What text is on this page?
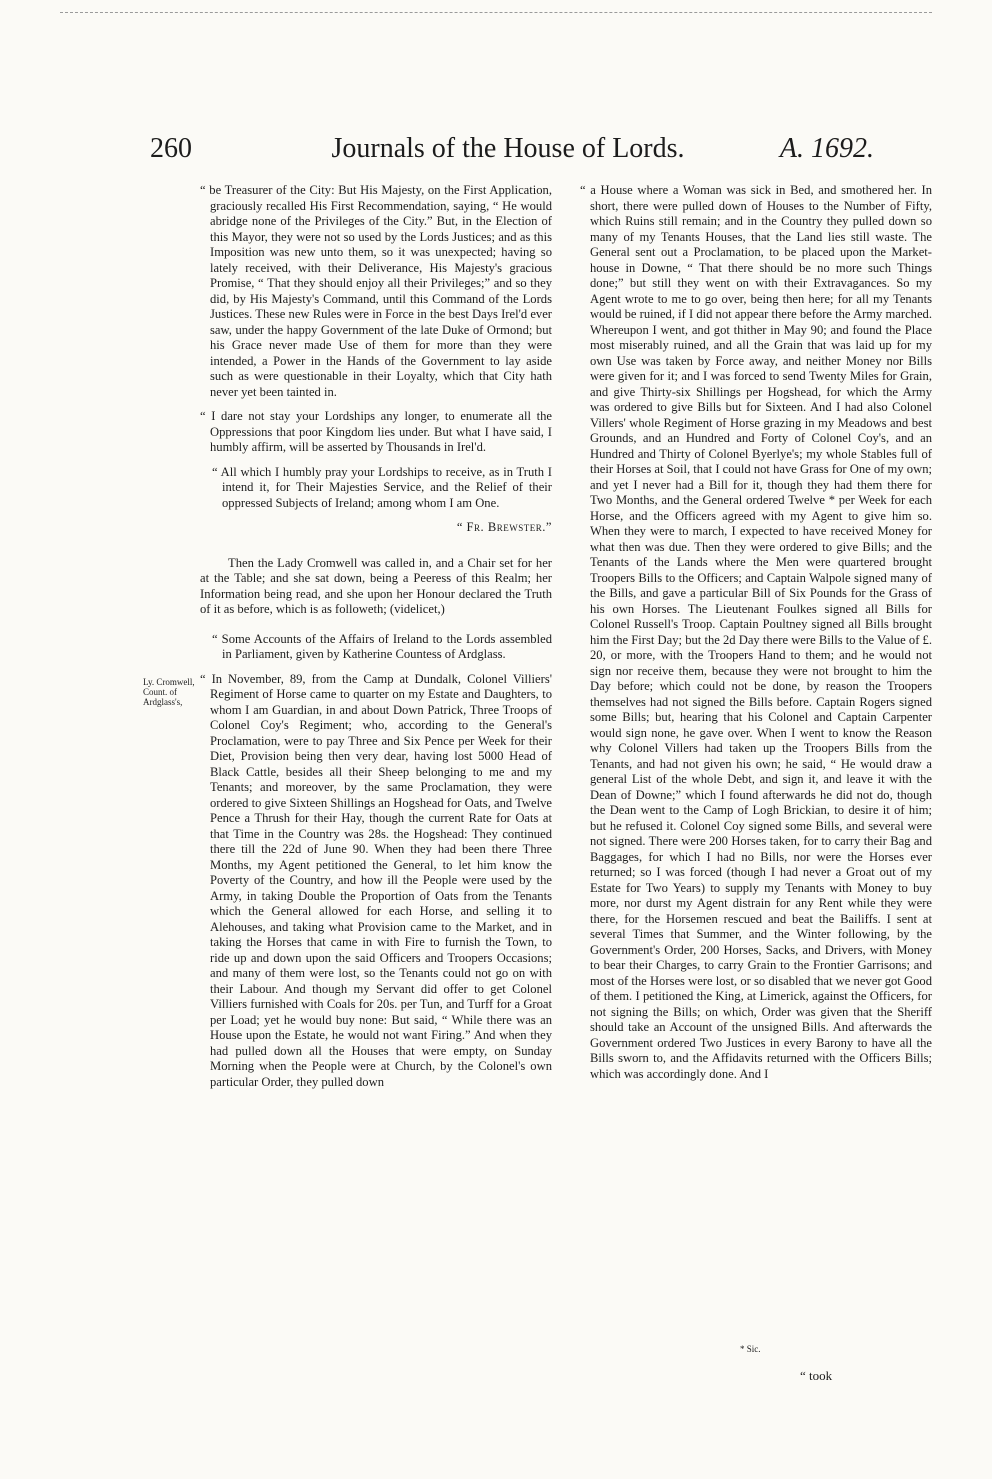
260	Journals of the House of Lords.	A. 1692.

“ be Treasurer of the City: But His Majesty, on the First Application, graciously recalled His First Recommendation, saying, “ He would abridge none of the Privileges of the City.” But, in the Election of this Mayor, they were not so used by the Lords Justices; and as this Imposition was new unto them, so it was unexpected; having so lately received, with their Deliverance, His Majesty's gracious Promise, “ That they should enjoy all their Privileges;” and so they did, by His Majesty's Command, until this Command of the Lords Justices. These new Rules were in Force in the best Days Irel'd ever saw, under the happy Government of the late Duke of Ormond; but his Grace never made Use of them for more than they were intended, a Power in the Hands of the Government to lay aside such as were questionable in their Loyalty, which that City hath never yet been tainted in.

“ I dare not stay your Lordships any longer, to enumerate all the Oppressions that poor Kingdom lies under. But what I have said, I humbly affirm, will be asserted by Thousands in Irel'd.

“ All which I humbly pray your Lordships to receive, as in Truth I intend it, for Their Majesties Service, and the Relief of their oppressed Subjects of Ireland; among whom I am One.

“ Fr. Brewster.”

Then the Lady Cromwell was called in, and a Chair set for her at the Table; and she sat down, being a Peeress of this Realm; her Information being read, and she upon her Honour declared the Truth of it as before, which is as followeth; (videlicet,)

“ Some Accounts of the Affairs of Ireland to the Lords assembled in Parliament, given by Katherine Countess of Ardglass.

“ In November, 89, from the Camp at Dundalk, Colonel Villiers' Regiment of Horse came to quarter on my Estate and Daughters, to whom I am Guardian, in and about Down Patrick, Three Troops of Colonel Coy's Regiment; who, according to the General's Proclamation, were to pay Three and Six Pence per Week for their Diet, Provision being then very dear, having lost 5000 Head of Black Cattle, besides all their Sheep belonging to me and my Tenants; and moreover, by the same Proclamation, they were ordered to give Sixteen Shillings an Hogshead for Oats, and Twelve Pence a Thrush for their Hay, though the current Rate for Oats at that Time in the Country was 28s. the Hogshead: They continued there till the 22d of June 90. When they had been there Three Months, my Agent petitioned the General, to let him know the Poverty of the Country, and how ill the People were used by the Army, in taking Double the Proportion of Oats from the Tenants which the General allowed for each Horse, and selling it to Alehouses, and taking what Provision came to the Market, and in taking the Horses that came in with Fire to furnish the Town, to ride up and down upon the said Officers and Troopers Occasions; and many of them were lost, so the Tenants could not go on with their Labour. And though my Servant did offer to get Colonel Villiers furnished with Coals for 20s. per Tun, and Turff for a Groat per Load; yet he would buy none: But said, “ While there was an House upon the Estate, he would not want Firing.” And when they had pulled down all the Houses that were empty, on Sunday Morning when the People were at Church, by the Colonel's own particular Order, they pulled down

“ a House where a Woman was sick in Bed, and smothered her. In short, there were pulled down of Houses to the Number of Fifty, which Ruins still remain; and in the Country they pulled down so many of my Tenants Houses, that the Land lies still waste. The General sent out a Proclamation, to be placed upon the Market-house in Downe, “ That there should be no more such Things done;” but still they went on with their Extravagances. So my Agent wrote to me to go over, being then here; for all my Tenants would be ruined, if I did not appear there before the Army marched. Whereupon I went, and got thither in May 90; and found the Place most miserably ruined, and all the Grain that was laid up for my own Use was taken by Force away, and neither Money nor Bills were given for it; and I was forced to send Twenty Miles for Grain, and give Thirty-six Shillings per Hogshead, for which the Army was ordered to give Bills but for Sixteen. And I had also Colonel Villers' whole Regiment of Horse grazing in my Meadows and best Grounds, and an Hundred and Forty of Colonel Coy's, and an Hundred and Thirty of Colonel Byerlye's; my whole Stables full of their Horses at Soil, that I could not have Grass for One of my own; and yet I never had a Bill for it, though they had them there for Two Months, and the General ordered Twelve * per Week for each Horse, and the Officers agreed with my Agent to give him so. When they were to march, I expected to have received Money for what then was due. Then they were ordered to give Bills; and the Tenants of the Lands where the Men were quartered brought Troopers Bills to the Officers; and Captain Walpole signed many of the Bills, and gave a particular Bill of Six Pounds for the Grass of his own Horses. The Lieutenant Foulkes signed all Bills for Colonel Russell's Troop. Captain Poultney signed all Bills brought him the First Day; but the 2d Day there were Bills to the Value of £. 20, or more, with the Troopers Hand to them; and he would not sign nor receive them, because they were not brought to him the Day before; which could not be done, by reason the Troopers themselves had not signed the Bills before. Captain Rogers signed some Bills; but, hearing that his Colonel and Captain Carpenter would sign none, he gave over. When I went to know the Reason why Colonel Villers had taken up the Troopers Bills from the Tenants, and had not given his own; he said, “ He would draw a general List of the whole Debt, and sign it, and leave it with the Dean of Downe;” which I found afterwards he did not do, though the Dean went to the Camp of Logh Brickian, to desire it of him; but he refused it. Colonel Coy signed some Bills, and several were not signed. There were 200 Horses taken, for to carry their Bag and Baggages, for which I had no Bills, nor were the Horses ever returned; so I was forced (though I had never a Groat out of my Estate for Two Years) to supply my Tenants with Money to buy more, nor durst my Agent distrain for any Rent while they were there, for the Horsemen rescued and beat the Bailiffs. I sent at several Times that Summer, and the Winter following, by the Government's Order, 200 Horses, Sacks, and Drivers, with Money to bear their Charges, to carry Grain to the Frontier Garrisons; and most of the Horses were lost, or so disabled that we never got Good of them. I petitioned the King, at Limerick, against the Officers, for not signing the Bills; on which, Order was given that the Sheriff should take an Account of the unsigned Bills. And afterwards the Government ordered Two Justices in every Barony to have all the Bills sworn to, and the Affidavits returned with the Officers Bills; which was accordingly done. And I

Ly. Cromwell, Count. of Ardglass's,
* Sic.
“ took
